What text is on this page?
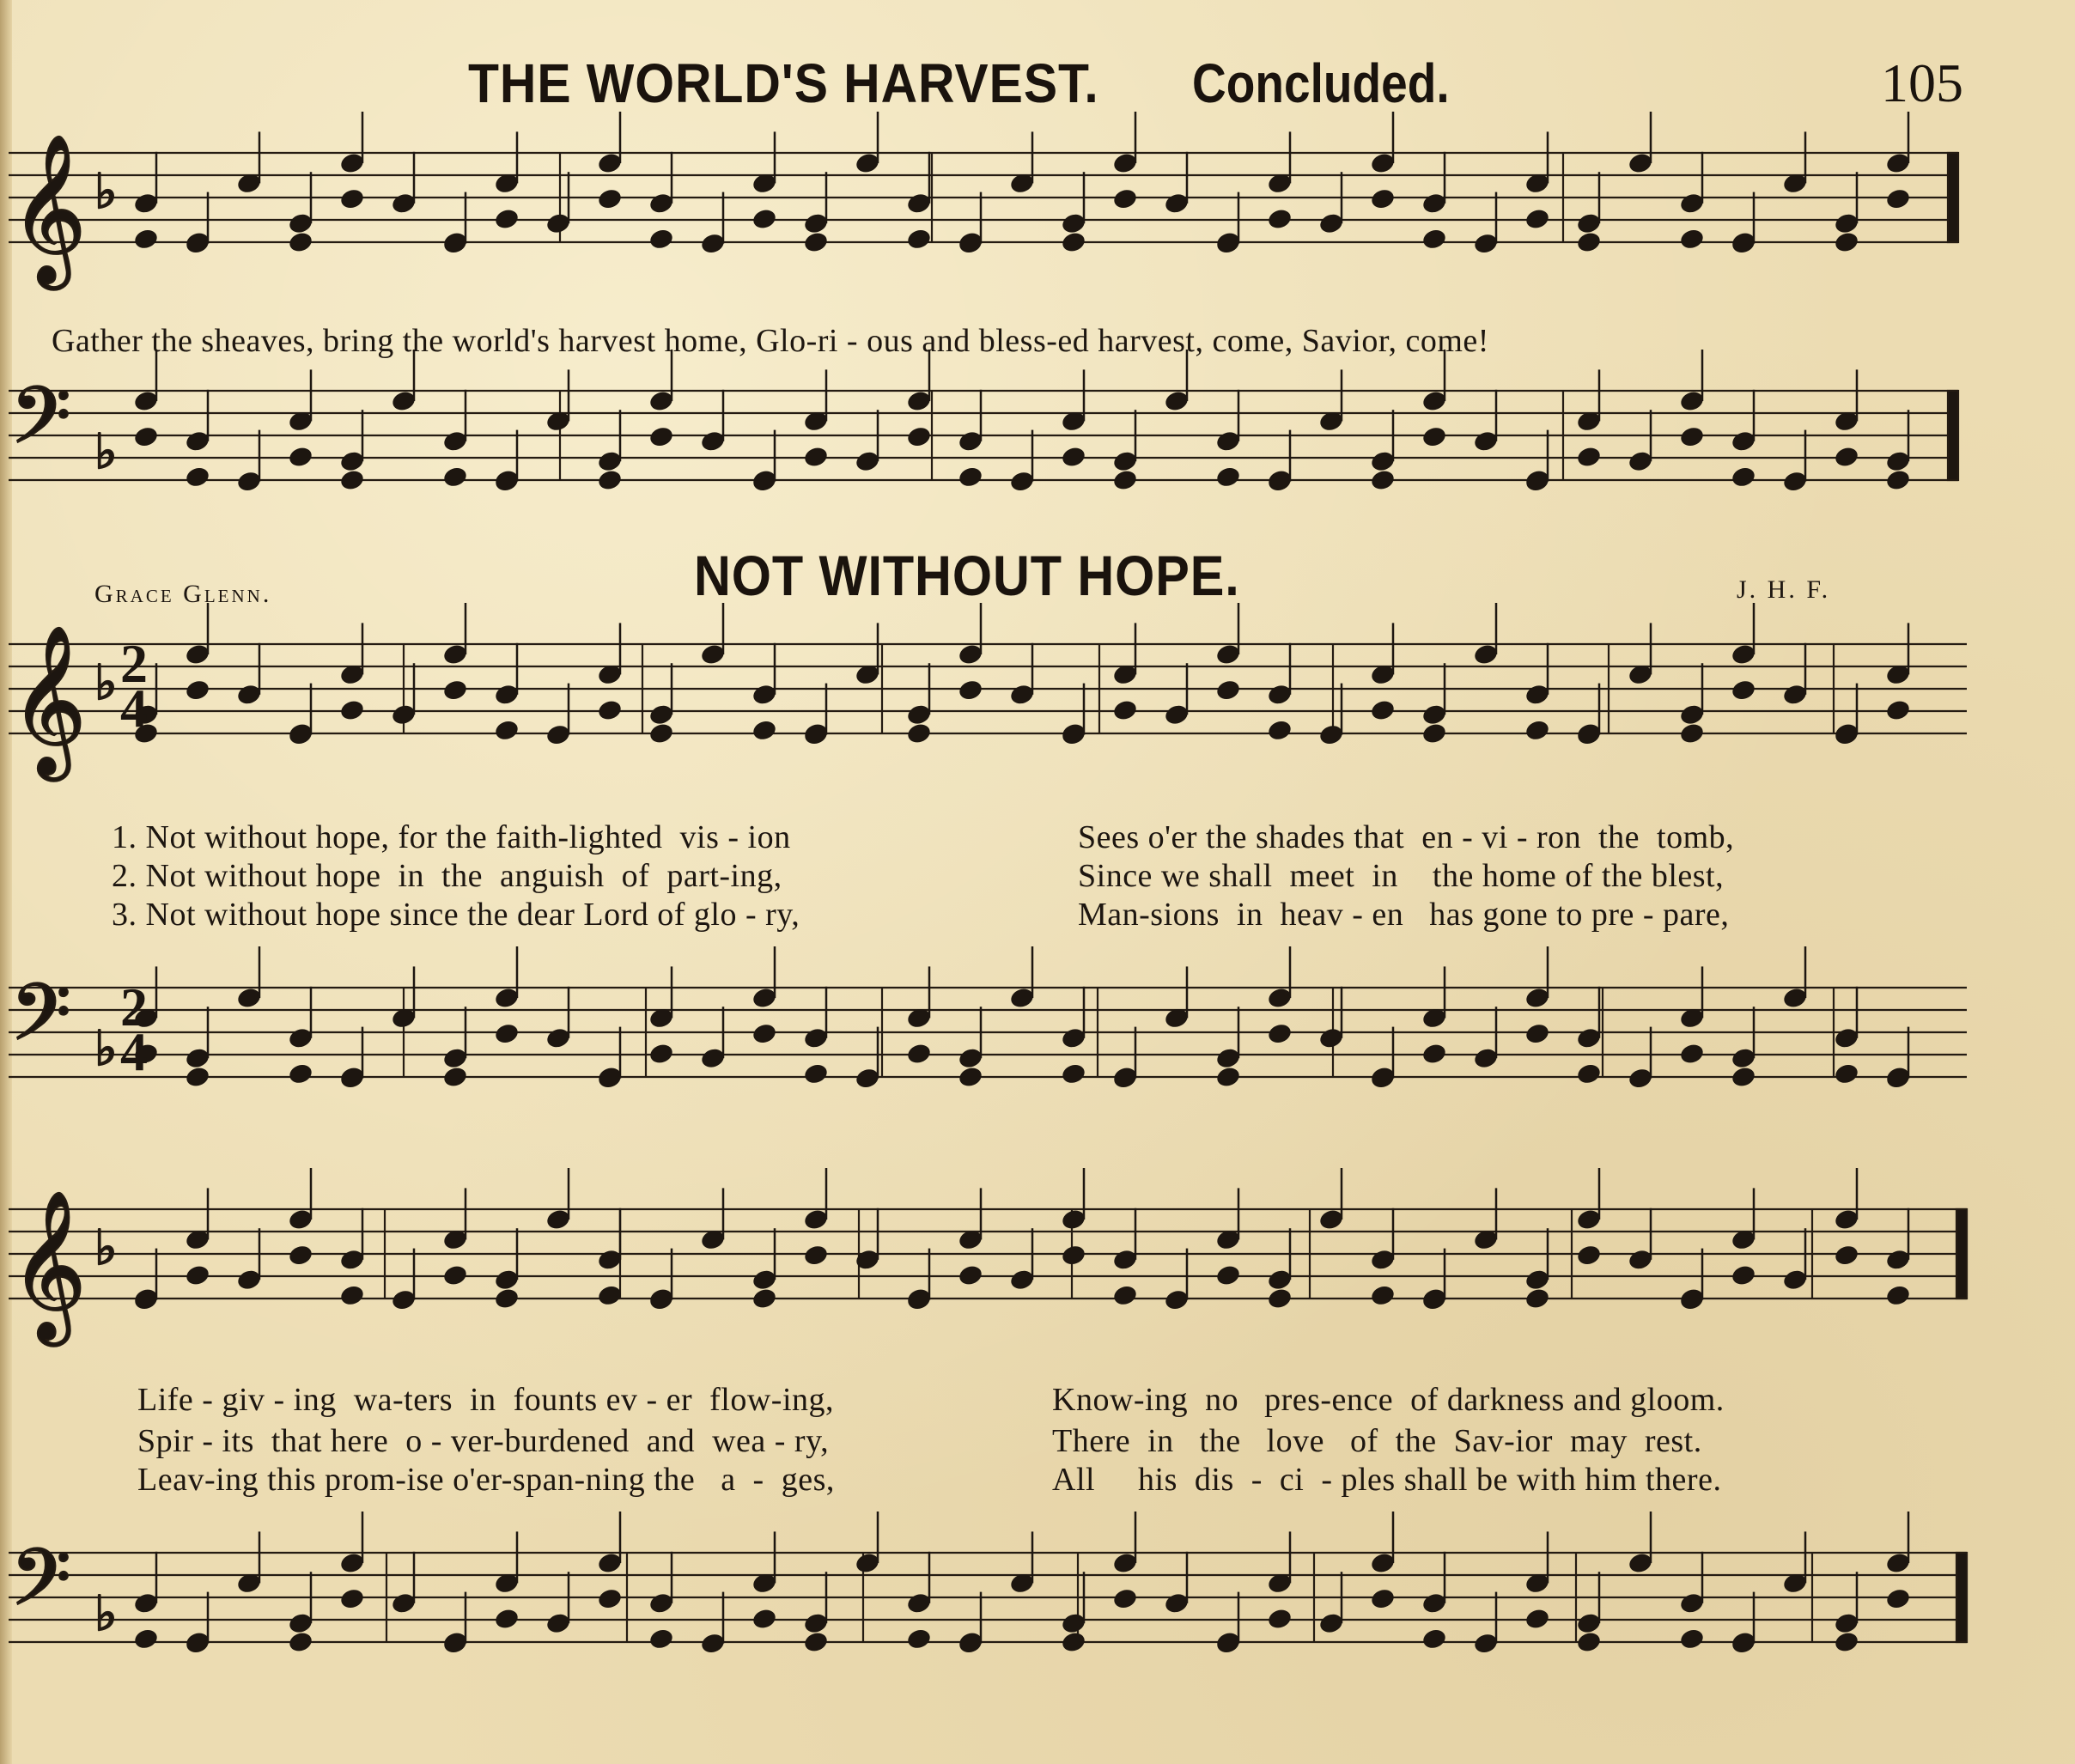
THE WORLD'S HARVEST. Concluded.	105
𝄞 ♭
𝄢 ♭
𝄞 ♭
𝄢 ♭
𝄞 ♭
𝄢 ♭
2
4
2
4
Gather the sheaves, bring the world's harvest home, Glo-ri - ous and bless-ed harvest, come, Savior, come!
NOT WITHOUT HOPE.
Grace Glenn.	J. H. F.
1. Not without hope, for the faith-lighted  vis - ion
2. Not without hope  in  the  anguish  of  part-ing,
3. Not without hope since the dear Lord of glo - ry,
Sees o'er the shades that  en - vi - ron  the  tomb,
Since we shall  meet  in    the home of the blest,
Man-sions  in  heav - en   has gone to pre - pare,
Life - giv - ing  wa-ters  in  founts ev - er  flow-ing,
Spir - its  that here  o - ver-burdened  and  wea - ry,
Leav-ing this prom-ise o'er-span-ning the   a  -  ges,
Know-ing  no   pres-ence  of darkness and gloom.
There  in   the   love   of  the  Sav-ior  may  rest.
All     his  dis  -  ci  - ples shall be with him there.
